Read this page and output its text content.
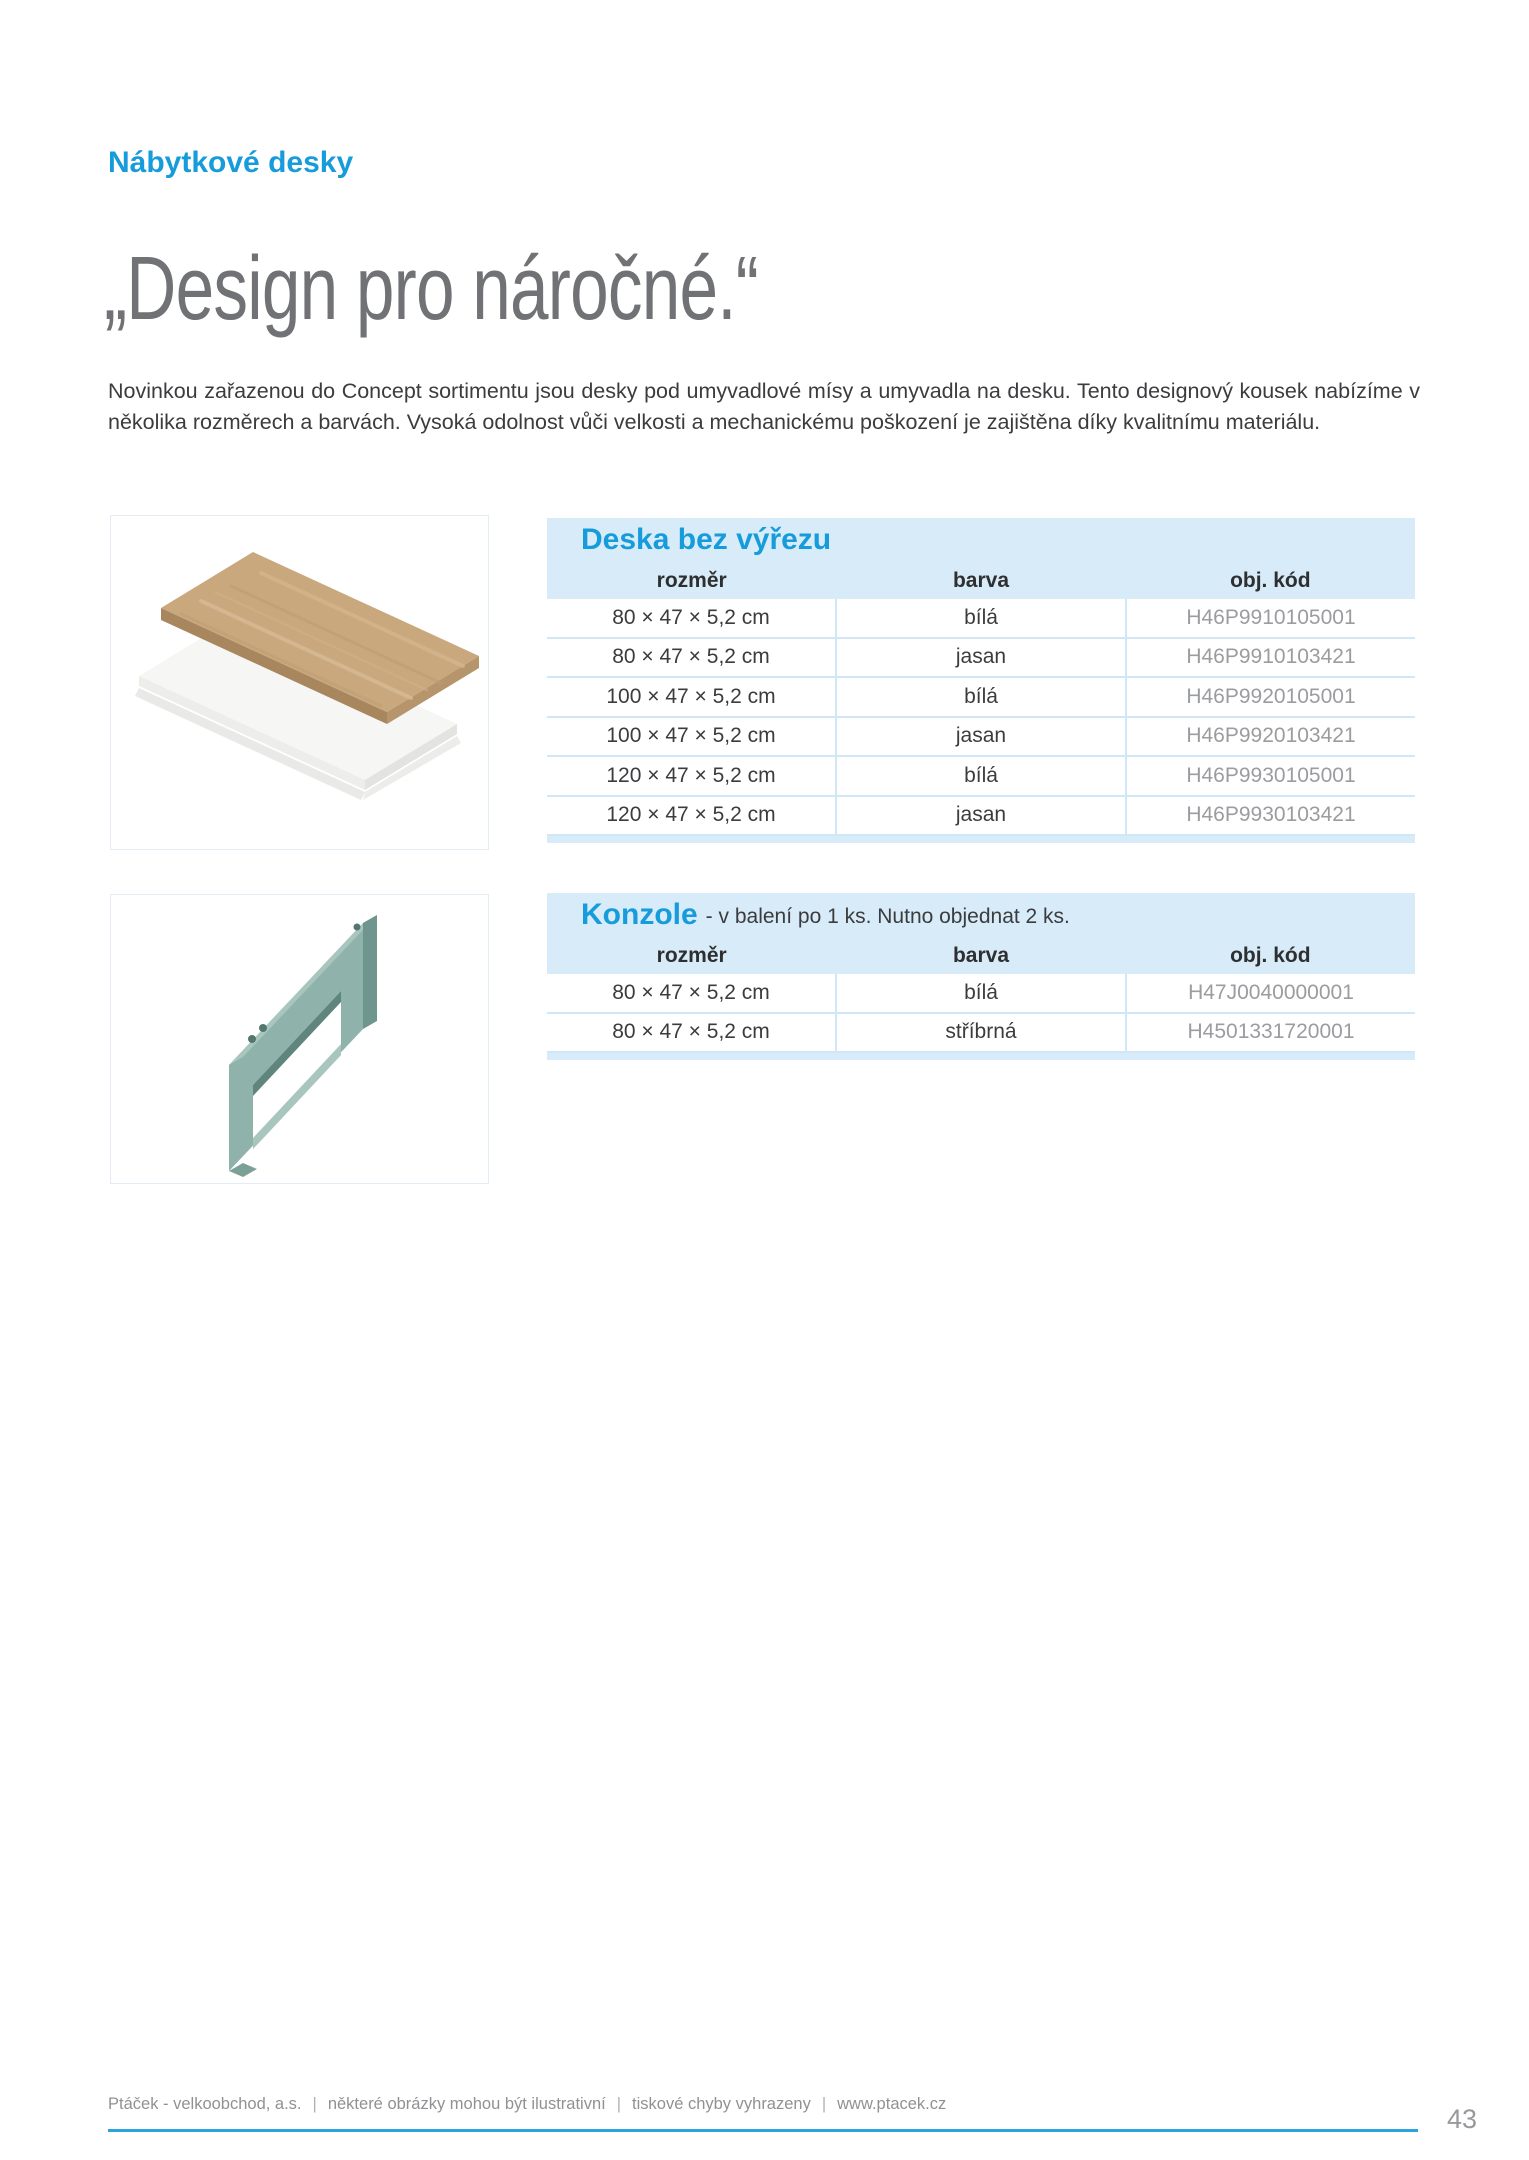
Nábytkové desky
„Design pro náročné.“

Novinkou zařazenou do Concept sortimentu jsou desky pod umyvadlové mísy a umyvadla na desku. Tento designový kousek nabízíme v několika rozměrech a barvách. Vysoká odolnost vůči velkosti a mechanickému poškození je zajištěna díky kvalitnímu materiálu.

Deska bez výřezu
rozměr	barva	obj. kód
80 × 47 × 5,2 cm	bílá	H46P9910105001
80 × 47 × 5,2 cm	jasan	H46P9910103421
100 × 47 × 5,2 cm	bílá	H46P9920105001
100 × 47 × 5,2 cm	jasan	H46P9920103421
120 × 47 × 5,2 cm	bílá	H46P9930105001
120 × 47 × 5,2 cm	jasan	H46P9930103421
Konzole - v balení po 1 ks. Nutno objednat 2 ks.
rozměr	barva	obj. kód
80 × 47 × 5,2 cm	bílá	H47J0040000001
80 × 47 × 5,2 cm	stříbrná	H4501331720001
Ptáček - velkoobchod, a.s. | některé obrázky mohou být ilustrativní | tiskové chyby vyhrazeny | www.ptacek.cz	43
